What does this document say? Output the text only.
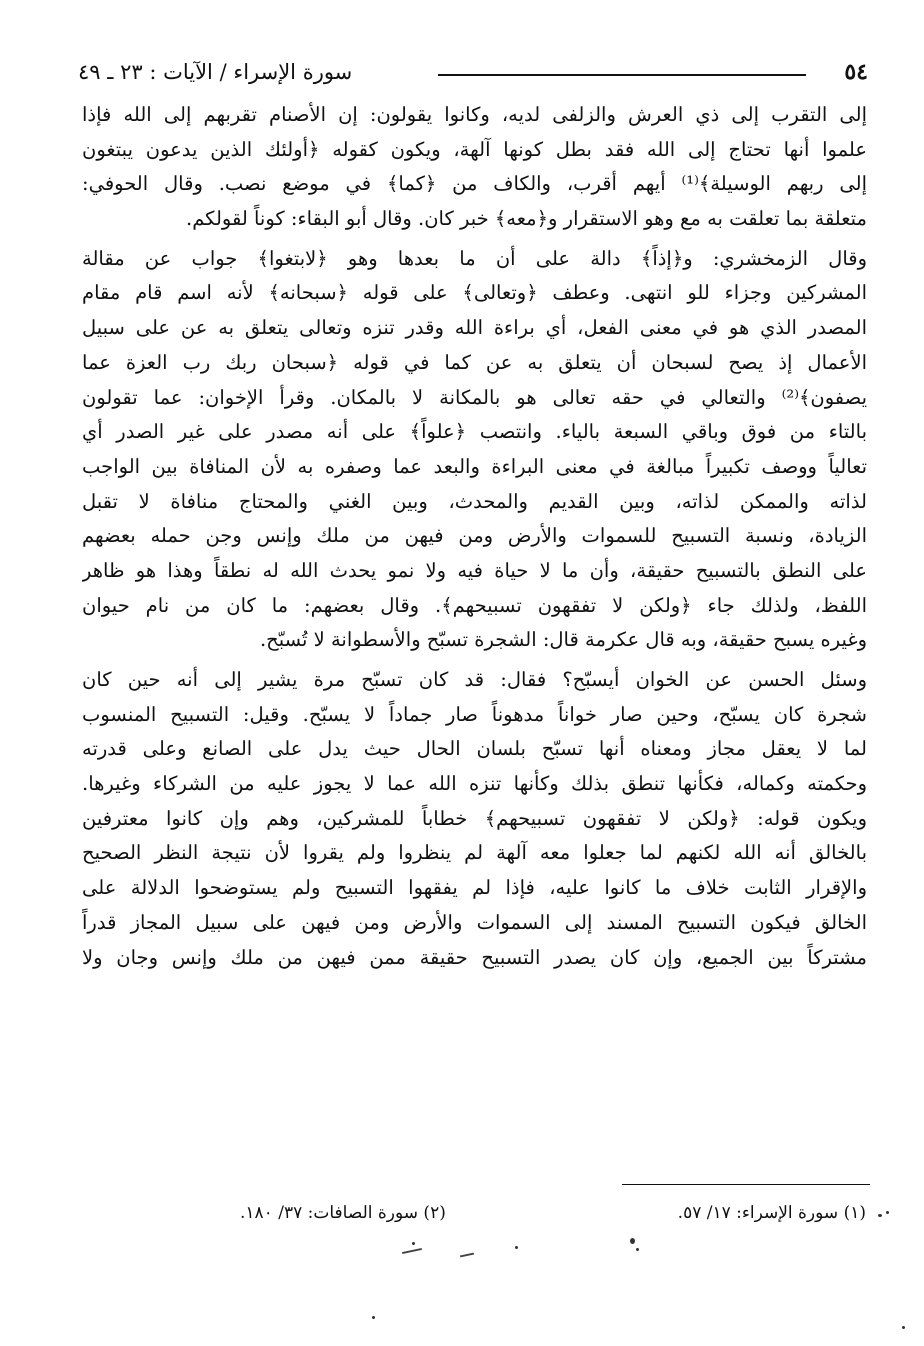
٥٤
سورة الإسراء / الآيات : ٢٣ ـ ٤٩

إلى التقرب إلى ذي العرش والزلفى لديه، وكانوا يقولون: إن الأصنام تقربهم إلى الله فإذا
علموا أنها تحتاج إلى الله فقد بطل كونها آلهة، ويكون كقوله ﴿أولئك الذين يدعون يبتغون
إلى ربهم الوسيلة﴾⁽¹⁾ أيهم أقرب، والكاف من ﴿كما﴾ في موضع نصب. وقال الحوفي:
متعلقة بما تعلقت به مع وهو الاستقرار و﴿معه﴾ خبر كان. وقال أبو البقاء: كوناً لقولكم.

وقال الزمخشري: و﴿إذاً﴾ دالة على أن ما بعدها وهو ﴿لابتغوا﴾ جواب عن مقالة
المشركين وجزاء للو انتهى. وعطف ﴿وتعالى﴾ على قوله ﴿سبحانه﴾ لأنه اسم قام مقام
المصدر الذي هو في معنى الفعل، أي براءة الله وقدر تنزه وتعالى يتعلق به عن على سبيل
الأعمال إذ يصح لسبحان أن يتعلق به عن كما في قوله ﴿سبحان ربك رب العزة عما
يصفون﴾⁽²⁾ والتعالي في حقه تعالى هو بالمكانة لا بالمكان. وقرأ الإخوان: عما تقولون
بالتاء من فوق وباقي السبعة بالياء. وانتصب ﴿علواً﴾ على أنه مصدر على غير الصدر أي
تعالياً ووصف تكبيراً مبالغة في معنى البراءة والبعد عما وصفره به لأن المنافاة بين الواجب
لذاته والممكن لذاته، وبين القديم والمحدث، وبين الغني والمحتاج منافاة لا تقبل
الزيادة، ونسبة التسبيح للسموات والأرض ومن فيهن من ملك وإنس وجن حمله بعضهم
على النطق بالتسبيح حقيقة، وأن ما لا حياة فيه ولا نمو يحدث الله له نطقاً وهذا هو ظاهر
اللفظ، ولذلك جاء ﴿ولكن لا تفقهون تسبيحهم﴾. وقال بعضهم: ما كان من نام حيوان
وغيره يسبح حقيقة، وبه قال عكرمة قال: الشجرة تسبّح والأسطوانة لا تُسبّح.

وسئل الحسن عن الخوان أيسبّح؟ فقال: قد كان تسبّح مرة يشير إلى أنه حين كان
شجرة كان يسبّح، وحين صار خواناً مدهوناً صار جماداً لا يسبّح. وقيل: التسبيح المنسوب
لما لا يعقل مجاز ومعناه أنها تسبّح بلسان الحال حيث يدل على الصانع وعلى قدرته
وحكمته وكماله، فكأنها تنطق بذلك وكأنها تنزه الله عما لا يجوز عليه من الشركاء وغيرها.
ويكون قوله: ﴿ولكن لا تفقهون تسبيحهم﴾ خطاباً للمشركين، وهم وإن كانوا معترفين
بالخالق أنه الله لكنهم لما جعلوا معه آلهة لم ينظروا ولم يقروا لأن نتيجة النظر الصحيح
والإقرار الثابت خلاف ما كانوا عليه، فإذا لم يفقهوا التسبيح ولم يستوضحوا الدلالة على
الخالق فيكون التسبيح المسند إلى السموات والأرض ومن فيهن على سبيل المجاز قدراً
مشتركاً بين الجميع، وإن كان يصدر التسبيح حقيقة ممن فيهن من ملك وإنس وجان ولا

(١) سورة الإسراء: ١٧/ ٥٧.
(٢) سورة الصافات: ٣٧/ ١٨٠.
